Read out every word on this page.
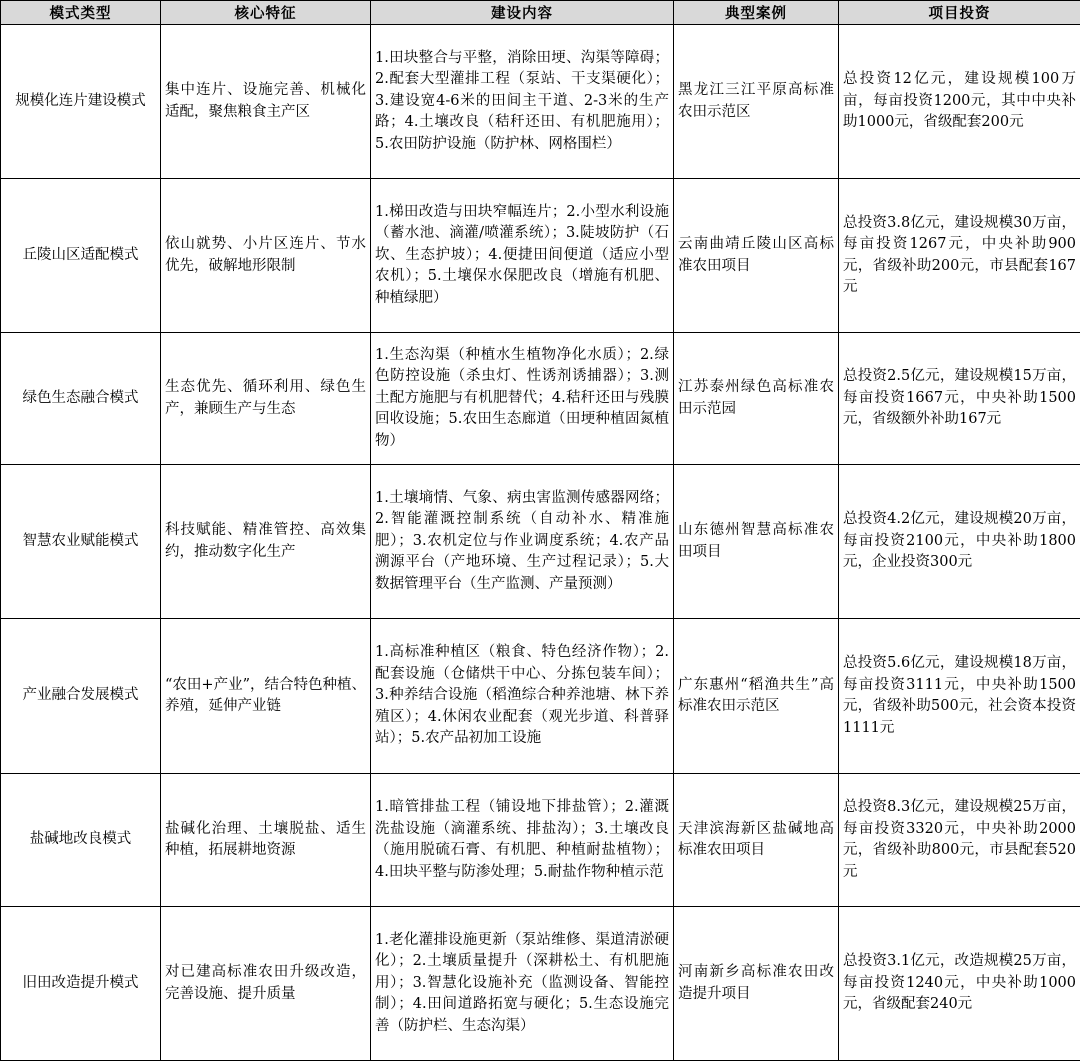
模式类型	核心特征	建设内容	典型案例	项目投资
规模化连片建设模式	集中连片、设施完善、机械化适配，聚焦粮食主产区	1.田块整合与平整，消除田埂、沟渠等障碍；2.配套大型灌排工程（泵站、干支渠硬化）；3.建设宽4-6米的田间主干道、2-3米的生产路；4.土壤改良（秸秆还田、有机肥施用）；5.农田防护设施（防护林、网格围栏）	黑龙江三江平原高标准农田示范区	总投资12亿元，建设规模100万亩，每亩投资1200元，其中中央补助1000元，省级配套200元
丘陵山区适配模式	依山就势、小片区连片、节水优先，破解地形限制	1.梯田改造与田块窄幅连片；2.小型水利设施（蓄水池、滴灌/喷灌系统）；3.陡坡防护（石坎、生态护坡）；4.便捷田间便道（适应小型农机）；5.土壤保水保肥改良（增施有机肥、种植绿肥）	云南曲靖丘陵山区高标准农田项目	总投资3.8亿元，建设规模30万亩，每亩投资1267元，中央补助900元，省级补助200元，市县配套167元
绿色生态融合模式	生态优先、循环利用、绿色生产，兼顾生产与生态	1.生态沟渠（种植水生植物净化水质）；2.绿色防控设施（杀虫灯、性诱剂诱捕器）；3.测土配方施肥与有机肥替代；4.秸秆还田与残膜回收设施；5.农田生态廊道（田埂种植固氮植物）	江苏泰州绿色高标准农田示范园	总投资2.5亿元，建设规模15万亩，每亩投资1667元，中央补助1500元，省级额外补助167元
智慧农业赋能模式	科技赋能、精准管控、高效集约，推动数字化生产	1.土壤墒情、气象、病虫害监测传感器网络；2.智能灌溉控制系统（自动补水、精准施肥）；3.农机定位与作业调度系统；4.农产品溯源平台（产地环境、生产过程记录）；5.大数据管理平台（生产监测、产量预测）	山东德州智慧高标准农田项目	总投资4.2亿元，建设规模20万亩，每亩投资2100元，中央补助1800元，企业投资300元
产业融合发展模式	“农田+产业”，结合特色种植、养殖，延伸产业链	1.高标准种植区（粮食、特色经济作物）；2.配套设施（仓储烘干中心、分拣包装车间）；3.种养结合设施（稻渔综合种养池塘、林下养殖区）；4.休闲农业配套（观光步道、科普驿站）；5.农产品初加工设施	广东惠州“稻渔共生”高标准农田示范区	总投资5.6亿元，建设规模18万亩，每亩投资3111元，中央补助1500元，省级补助500元，社会资本投资1111元
盐碱地改良模式	盐碱化治理、土壤脱盐、适生种植，拓展耕地资源	1.暗管排盐工程（铺设地下排盐管）；2.灌溉洗盐设施（滴灌系统、排盐沟）；3.土壤改良（施用脱硫石膏、有机肥、种植耐盐植物）；4.田块平整与防渗处理；5.耐盐作物种植示范	天津滨海新区盐碱地高标准农田项目	总投资8.3亿元，建设规模25万亩，每亩投资3320元，中央补助2000元，省级补助800元，市县配套520元
旧田改造提升模式	对已建高标准农田升级改造，完善设施、提升质量	1.老化灌排设施更新（泵站维修、渠道清淤硬化）；2.土壤质量提升（深耕松土、有机肥施用）；3.智慧化设施补充（监测设备、智能控制）；4.田间道路拓宽与硬化；5.生态设施完善（防护栏、生态沟渠）	河南新乡高标准农田改造提升项目	总投资3.1亿元，改造规模25万亩，每亩投资1240元，中央补助1000元，省级配套240元
